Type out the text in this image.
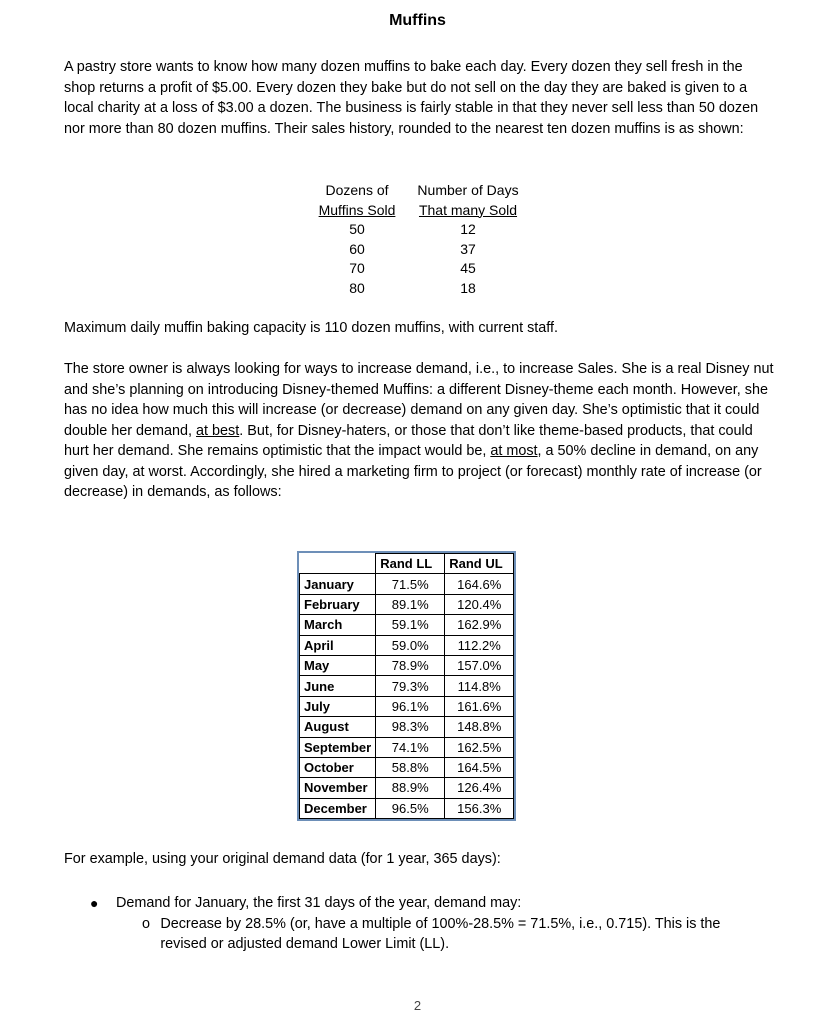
Muffins
A pastry store wants to know how many dozen muffins to bake each day. Every dozen they sell fresh in the shop returns a profit of $5.00. Every dozen they bake but do not sell on the day they are baked is given to a local charity at a loss of $3.00 a dozen. The business is fairly stable in that they never sell less than 50 dozen nor more than 80 dozen muffins. Their sales history, rounded to the nearest ten dozen muffins is as shown:
Dozens of	Number of Days
Muffins Sold	That many Sold
50	12
60	37
70	45
80	18
Maximum daily muffin baking capacity is 110 dozen muffins, with current staff.
The store owner is always looking for ways to increase demand, i.e., to increase Sales. She is a real Disney nut and she’s planning on introducing Disney-themed Muffins: a different Disney-theme each month. However, she has no idea how much this will increase (or decrease) demand on any given day. She’s optimistic that it could double her demand, at best. But, for Disney-haters, or those that don’t like theme-based products, that could hurt her demand. She remains optimistic that the impact would be, at most, a 50% decline in demand, on any given day, at worst. Accordingly, she hired a marketing firm to project (or forecast) monthly rate of increase (or decrease) in demands, as follows:
	Rand LL	Rand UL
January	71.5%	164.6%
February	89.1%	120.4%
March	59.1%	162.9%
April	59.0%	112.2%
May	78.9%	157.0%
June	79.3%	114.8%
July	96.1%	161.6%
August	98.3%	148.8%
September	74.1%	162.5%
October	58.8%	164.5%
November	88.9%	126.4%
December	96.5%	156.3%
For example, using your original demand data (for 1 year, 365 days):
●	Demand for January, the first 31 days of the year, demand may:
o Decrease by 28.5% (or, have a multiple of 100%-28.5% = 71.5%, i.e., 0.715). This is the revised or adjusted demand Lower Limit (LL).
2
